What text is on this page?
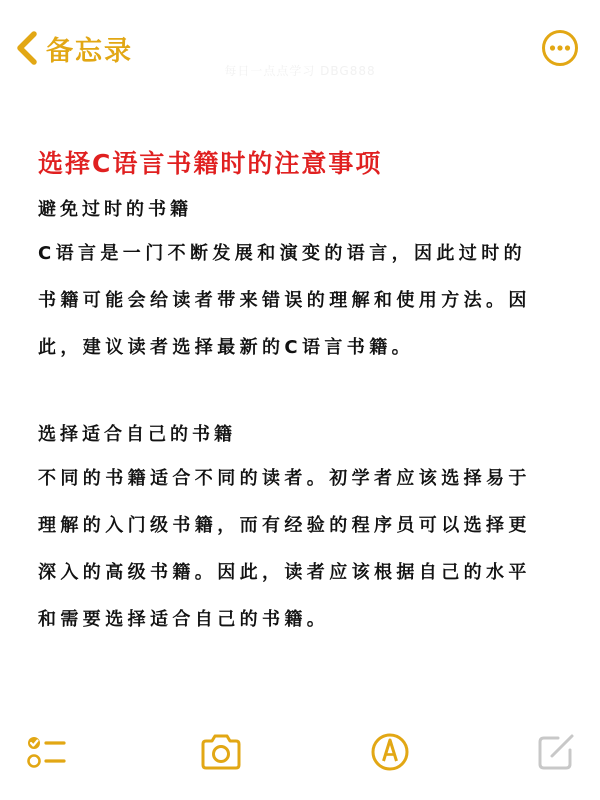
备忘录
每日一点点学习 DBG888
选择C语言书籍时的注意事项
避免过时的书籍
C语言是一门不断发展和演变的语言，因此过时的
书籍可能会给读者带来错误的理解和使用方法。因
此，建议读者选择最新的C语言书籍。
选择适合自己的书籍
不同的书籍适合不同的读者。初学者应该选择易于
理解的入门级书籍，而有经验的程序员可以选择更
深入的高级书籍。因此，读者应该根据自己的水平
和需要选择适合自己的书籍。
